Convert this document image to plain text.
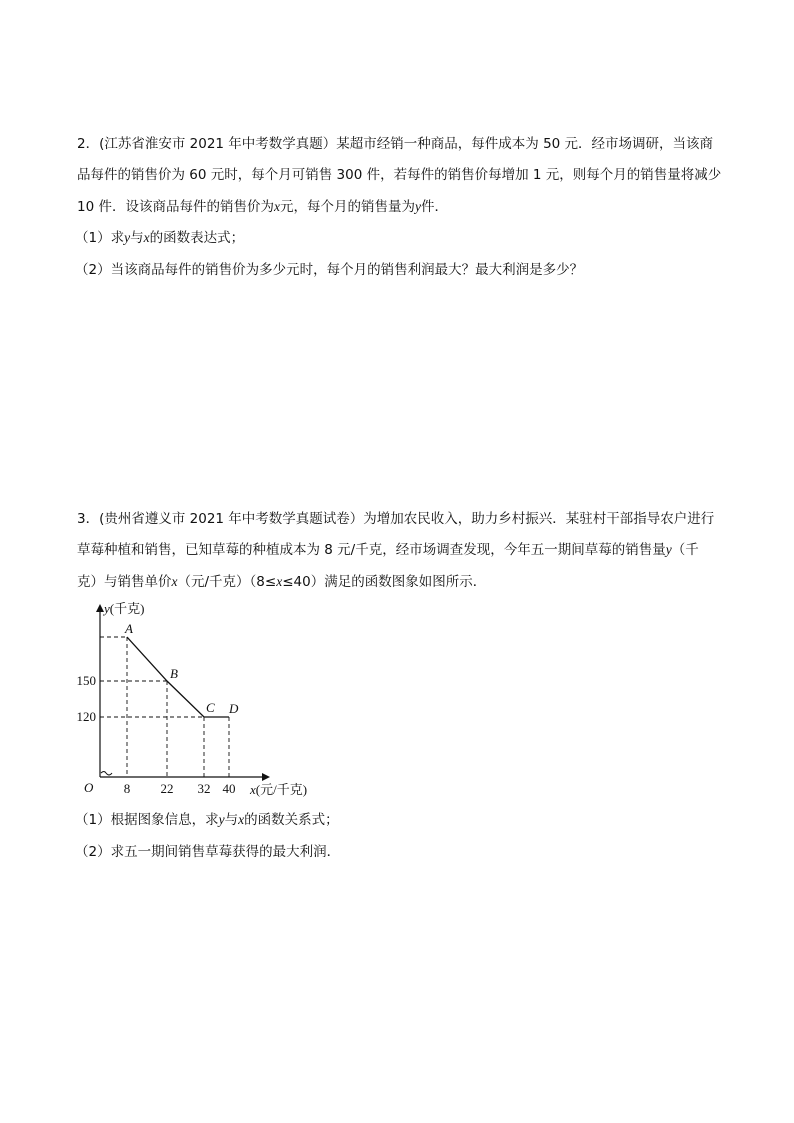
2．(江苏省淮安市 2021 年中考数学真题）某超市经销一种商品，每件成本为 50 元．经市场调研，当该商
品每件的销售价为 60 元时，每个月可销售 300 件，若每件的销售价每增加 1 元，则每个月的销售量将减少
10 件．设该商品每件的销售价为x元，每个月的销售量为y件．
（1）求y与x的函数表达式；
（2）当该商品每件的销售价为多少元时，每个月的销售利润最大？最大利润是多少？
3．(贵州省遵义市 2021 年中考数学真题试卷）为增加农民收入，助力乡村振兴．某驻村干部指导农户进行
草莓种植和销售，已知草莓的种植成本为 8 元/千克，经市场调查发现，今年五一期间草莓的销售量y（千
克）与销售单价x（元/千克）（8≤x≤40）满足的函数图象如图所示．
A
B
C D
8 22 32 40
150
120
O
y(千克)
x(元/千克)
（1）根据图象信息，求y与x的函数关系式；
（2）求五一期间销售草莓获得的最大利润．
